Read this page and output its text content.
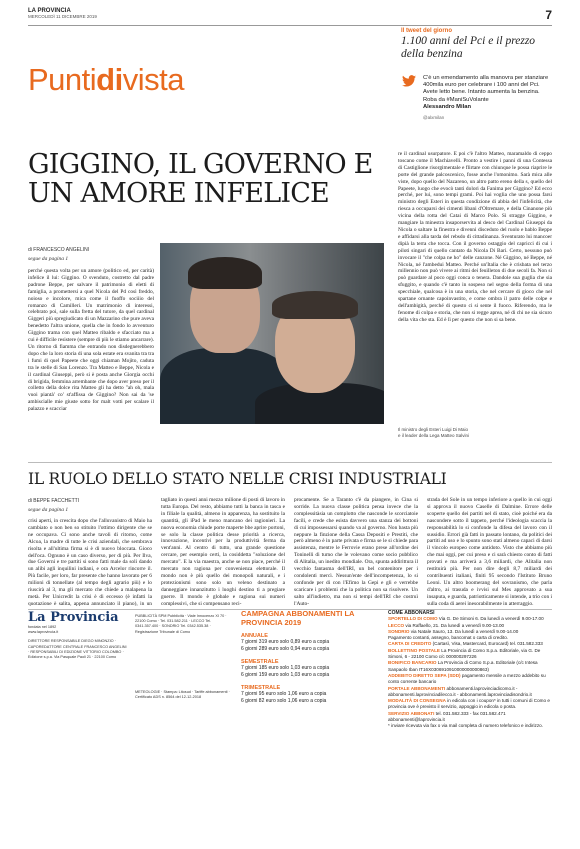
LA PROVINCIA
MERCOLEDÌ 11 DICEMBRE 2019	7
Puntidivista
Il tweet del giorno
1.100 anni del Pci e il prezzo della benzina
C'è un emendamento alla manovra per stanziare 400mila euro per celebrare i 100 anni del Pci. Avete letto bene. Intanto aumenta la benzina. Roba da #ManiSuVolante
Alessandro Milan
@alxmilan
GIGGINO, IL GOVERNO E UN AMORE INFELICE
di FRANCESCO ANGELINI
segue da pagina 1
perché questa volta per un amore (politico ed, per carità) infelice il lui: Giggino. O svenduto, costretto dal padre padrone Beppe, per salvare il patrimonio di eletti di famiglia, a promettersi a quel Nicola del Pd così freddo, noioso e incolore, mica come il fuoffo sociiio del romanzo di Camilleri. Un matrimonio di interessi, celebrato poi, sale sulla fretta del tutore, da quel cardinal Giggeri più spregiudicato di un Mazzarino che pure aveva benedetto l'altra unione, quella che in fondo lo avventuro Giggino trama con quel Matteo ribaldo e sfacciato ma a cui è difficile resistere (sempre di più le stiamo ancarrare). Un ritorno di fiamma che entrando non disdegnerebbero dopo che la loro storia di una sola estate era svanita tra tra i fumi di quel Papeete che oggi chiaman Mojito, caduta tra le stelle di San Lorenzo. Tra Matteo e Beppe, Nicola e il cardinal Giuseppi, però si è posta anche Giorgia occhi di brigida, femmina arrembante che dopo aver preso per il colletto della dolce rita Matteo gli ha detto "ah oh, mala vuoi piantà' co' st'affissa de Giggino? Non sai da 'se ambiscialle mie giuste sotto for malt votti per scalare il palazzo e scacciar
re il cardinal usurpatore. E poi c'è l'altro Matteo, maramaldo di ceppo toscano come il Machiavelli. Pronto a vestire i panni di una Contessa di Castiglione risorgimentale e flirtare con chiunque le possa riaprire le porte del grande palcoscenico, fosse anche l'omonimo. Sarà mica alle viste, dopo quello del Nazareno, un altro patto ereno della s, quello del Papeete, luogo che evocò tanti dolori da Fanima per Giggino? Ed ecco perché, per lui, sono tempi grami. Poi hai voglia che uno possa farsi ministro degli Esteri in questa condizione di abbia del l'infelicità, che riesca a occuparsi dei cimenti libani d'Oltremare, e della Cinanone più vicina della rotta del Catai di Marco Polo. Si stragge Giggino, e mangiare la minestra insaporservita al desco del Cardinal Giuseppi da Nicola o saltare la finestra e divenni disceduto del ruolo e bablo Beppe e affidarsi alla tarda del rebsdo di cittadinanza. Sventurato lui mancoer dipià la terra che tocca. Con il governo ostaggio del capricci di cui i piloti singari di quello cantato da Nicola Di Bari. Certo, nessuno può invocare il "che colpa ne ho" delle canzone. Né Giggino, né Beppe, né Nicola, né l'ambedui Matteo. Perché un'Italia che è crisbata nel terzo millennio non può vivere ai ritmi dei feuilleton di due secoli fa. Non si può guardare al poco oggi conca o tenera. Dandole sua guglia che sia sfuggito, e quando c'è tanto in sospeso nel segno della forma di una specchiale, qualcosa è in una storia, che nel cercare di gioco che nel spartane ornante capoinvastito, e come ombra il patro delle colpe e dell'ambigità, perché di questo ci si sente il fuoco. Riferendo, ma le fenome di colpa e storia, che non si regge aprea, né di chi ne sia sicuro della vita che sta. Ed è lì per questo che non si sa bene.
Il ministro degli Esteri Luigi Di Maio
e il leader della Lega Matteo Salvini
IL RUOLO DELLO STATO NELLE CRISI INDUSTRIALI
di BEPPE FACCHETTI
segue da pagina 1
crisi aperti, in crescita dopo che l'alluvanistro di Maio ha cambiato o non ben so stituito l'ottimo dirigente che se ne occupava. Ci sono anche tavoli di ritorno, come Alcoa, la madre di tutte le crisi aziendali, che sembrava risolta e all'ultima firma si è di nuovo bloccata. Gioco dell'oca. Ognuno è un caso diverso, per di più. Per Ilva, due Governi e tre partiti si sono fatti male da soli dando un alibi agli inquilini indiani, e ora Arcelor rincorre il. Più facile, per loro, far presente che hanno lavorato per 6 milioni di tonnellate (al tempo degli agrario più) e lo riuscirà al 3, ma gli mercato che chiede a malapena la metà. Per Unicredit la crisi è di eccesso (è infatti la quotazione è salita, appena annunciato il piano), in un
tagliato in questi anni mezzo milione di posti di lavoro in tutta Europa. Del resto, abbiamo tutti la banca in tasca e in filiale la qualità, almeno in apparenza, ha sostituito la quantità, gli iPad le meno mancano dei ragionieri. La nuova economia chiude porte maperte bbe aprire portoni, se solo la classe politica desse priorità a ricerca, innovazione, incentivi per la produttività ferma da vent'anni. Al centro di tutto, una grande questione cercare, per esempio certi, la cosiddetta "soluzione del mercato". E la via maestra, anche se non piace, perché il mercato non ragiona per convenienza elettorale. Il mondo non è più quello dei monopoli naturali, e i protezionismi sono solo un veleno destinato a danneggiare innanzitutto i luoghi destino ti a pregiare guerre. Il mondo è globale e ragiona sui numeri complessivi, che si compensano reci-
procamente. Se a Taranto c'è da piangere, in Cina si sorride. La nuova classe politica pensa invece che la complessitàsia un complotto che nasconde le scorciatoie facili, e crede che esista davvero una stanza dei bottoni di cui impossessarsi quando va al governo. Non basta più neppure la finzione della Cassa Depositi e Prestiti, che però almeno è in parte privata e firma se le si chiede para assistenza, mentre le Ferrovie erano prese all'ordine dei Toninelli di turno che le volevano come socio pubblico di Alitalia, un inedito mondiale. Ora, spunta addirittura il vecchio fantasma dell'IRI, un bel contenitore per i condolenti mercì. Nessun'ente dell'incompetenza, lo si confonde per di con l'Efimo la Gepi e gli e verrebbe scaricare i problemi che la politica non sa risolvere. Un salto all'indietro, ma non si tempi dell'IRI che costruì l'Auto-
strada del Sole in un tempo inferiore a quello in cui oggi si approva il nuovo Caselle di Dalmine. Errore delle scoperte quello dei partiti nel di stato, cioè poiché era da nascondere sotto il tappeto, perché l'ideologia scaccia la responsabilità lo si confonde la difesa del lavoro con il sussidio. Errori già fatti in passato lontano, da politici dei partiti ad uso e lo spunto sono stati almeno capaci di darsi il vincolo europeo come antidoto. Visto che abbiamo più che mai oggi, per cui preso e ci sarà chiesto conto di fatti provati e ma arriverà a 3,6 miliardi, che Alitalia non restituirà più. Per non dire degli 8,7 miliardi dei contribuenti italiani, finiti 95 secondo l'Istituto Bruno Leoni. Un altro boomerang del sovranismo, che parla d'altro, ai trasuda e ivvisi sul Mes approvato a sua insaputa, e guarda, patriotticamente si intende, a trio con i sulla coda di aerei inesorabilmente in atterraggio.
La Provincia
fondata nel 1892
www.laprovincia.it
DIRETTORE RESPONSABILE DIEGO MINONZIO · CAPOREDATTORE CENTRALE FRANCESCO ANGELINI · RESPONSABILI DI EDIZIONE VITTORIO COLOMBO · Edizione s.p.a. Via Pasquale Paoli 21 · 22100 Como
PUBBLICITÀ SPM Pubblicità · Viale Innocenzo XI 70 · 22100 Como · Tel. 031.582.211 · LECCO Tel. 0341.357.400 · SONDRIO Tel. 0342.535.38 · Registrazione Tribunale di Como
METEOLOGIE · Stampa: Litosud · Tariffe abbonamenti · Certificato ADS n. 8564 del 12-12-2018
CAMPAGNA ABBONAMENTI LA PROVINCIA 2019
ANNUALE
7 giorni 319 euro solo 0,89 euro a copia
6 giorni 289 euro solo 0,94 euro a copia
SEMESTRALE
7 giorni 185 euro solo 1,03 euro a copia
6 giorni 159 euro solo 1,03 euro a copia
TRIMESTRALE
7 giorni 95 euro solo 1,06 euro a copia
6 giorni 82 euro solo 1,06 euro a copia
COME ABBONARSI
SPORTELLO DI COMO Via G. De Simoni 6. Da lunedì a venerdì 9.00-17.00
LECCO via Raffaello, 21. Da lunedì a venerdì 9.00-13.00
SONDRIO via Natale Sauro, 13. Da lunedì a venerdì 9.00-14.00
Pagamento contanti, assegno, bancomat o carta di credito.
CARTA DI CREDITO (Cartasì, Visa, Mastercard, Eurocard) tel. 031.582.333
BOLLETTINO POSTALE La Provincia di Como S.p.a. Editoriale, via G. De Simoni, 6 - 22100 Como c/c 000000297226
BONIFICO BANCARIO La Provincia di Como S.p.a. Editoriale (c/c Intesa Sanpaolo Iban IT16X0306910910000000000863)
ADDEBITO DIRETTO SEPA (SDD) pagamento mensile a mezzo addebito su conto corrente bancario
PORTALE ABBONAMENTI abbonamenti.laprovinciadicomo.it - abbonamenti.laprovinciadilecco.it - abbonamenti.laprovinciadisondrio.it
MODALITÀ DI CONSEGNA in edicola con i coupon* in tutti i comuni di Como e provincia ove è previsto il servizio, appoggio in edicola o posta.
SERVIZIO ABBONATI tel. 031.582.333 - fax 031.582.471 abbonamenti@laprovincia.it
* inviare ricevuta via fax o via mail completa di numero telefonico e indirizzo.
